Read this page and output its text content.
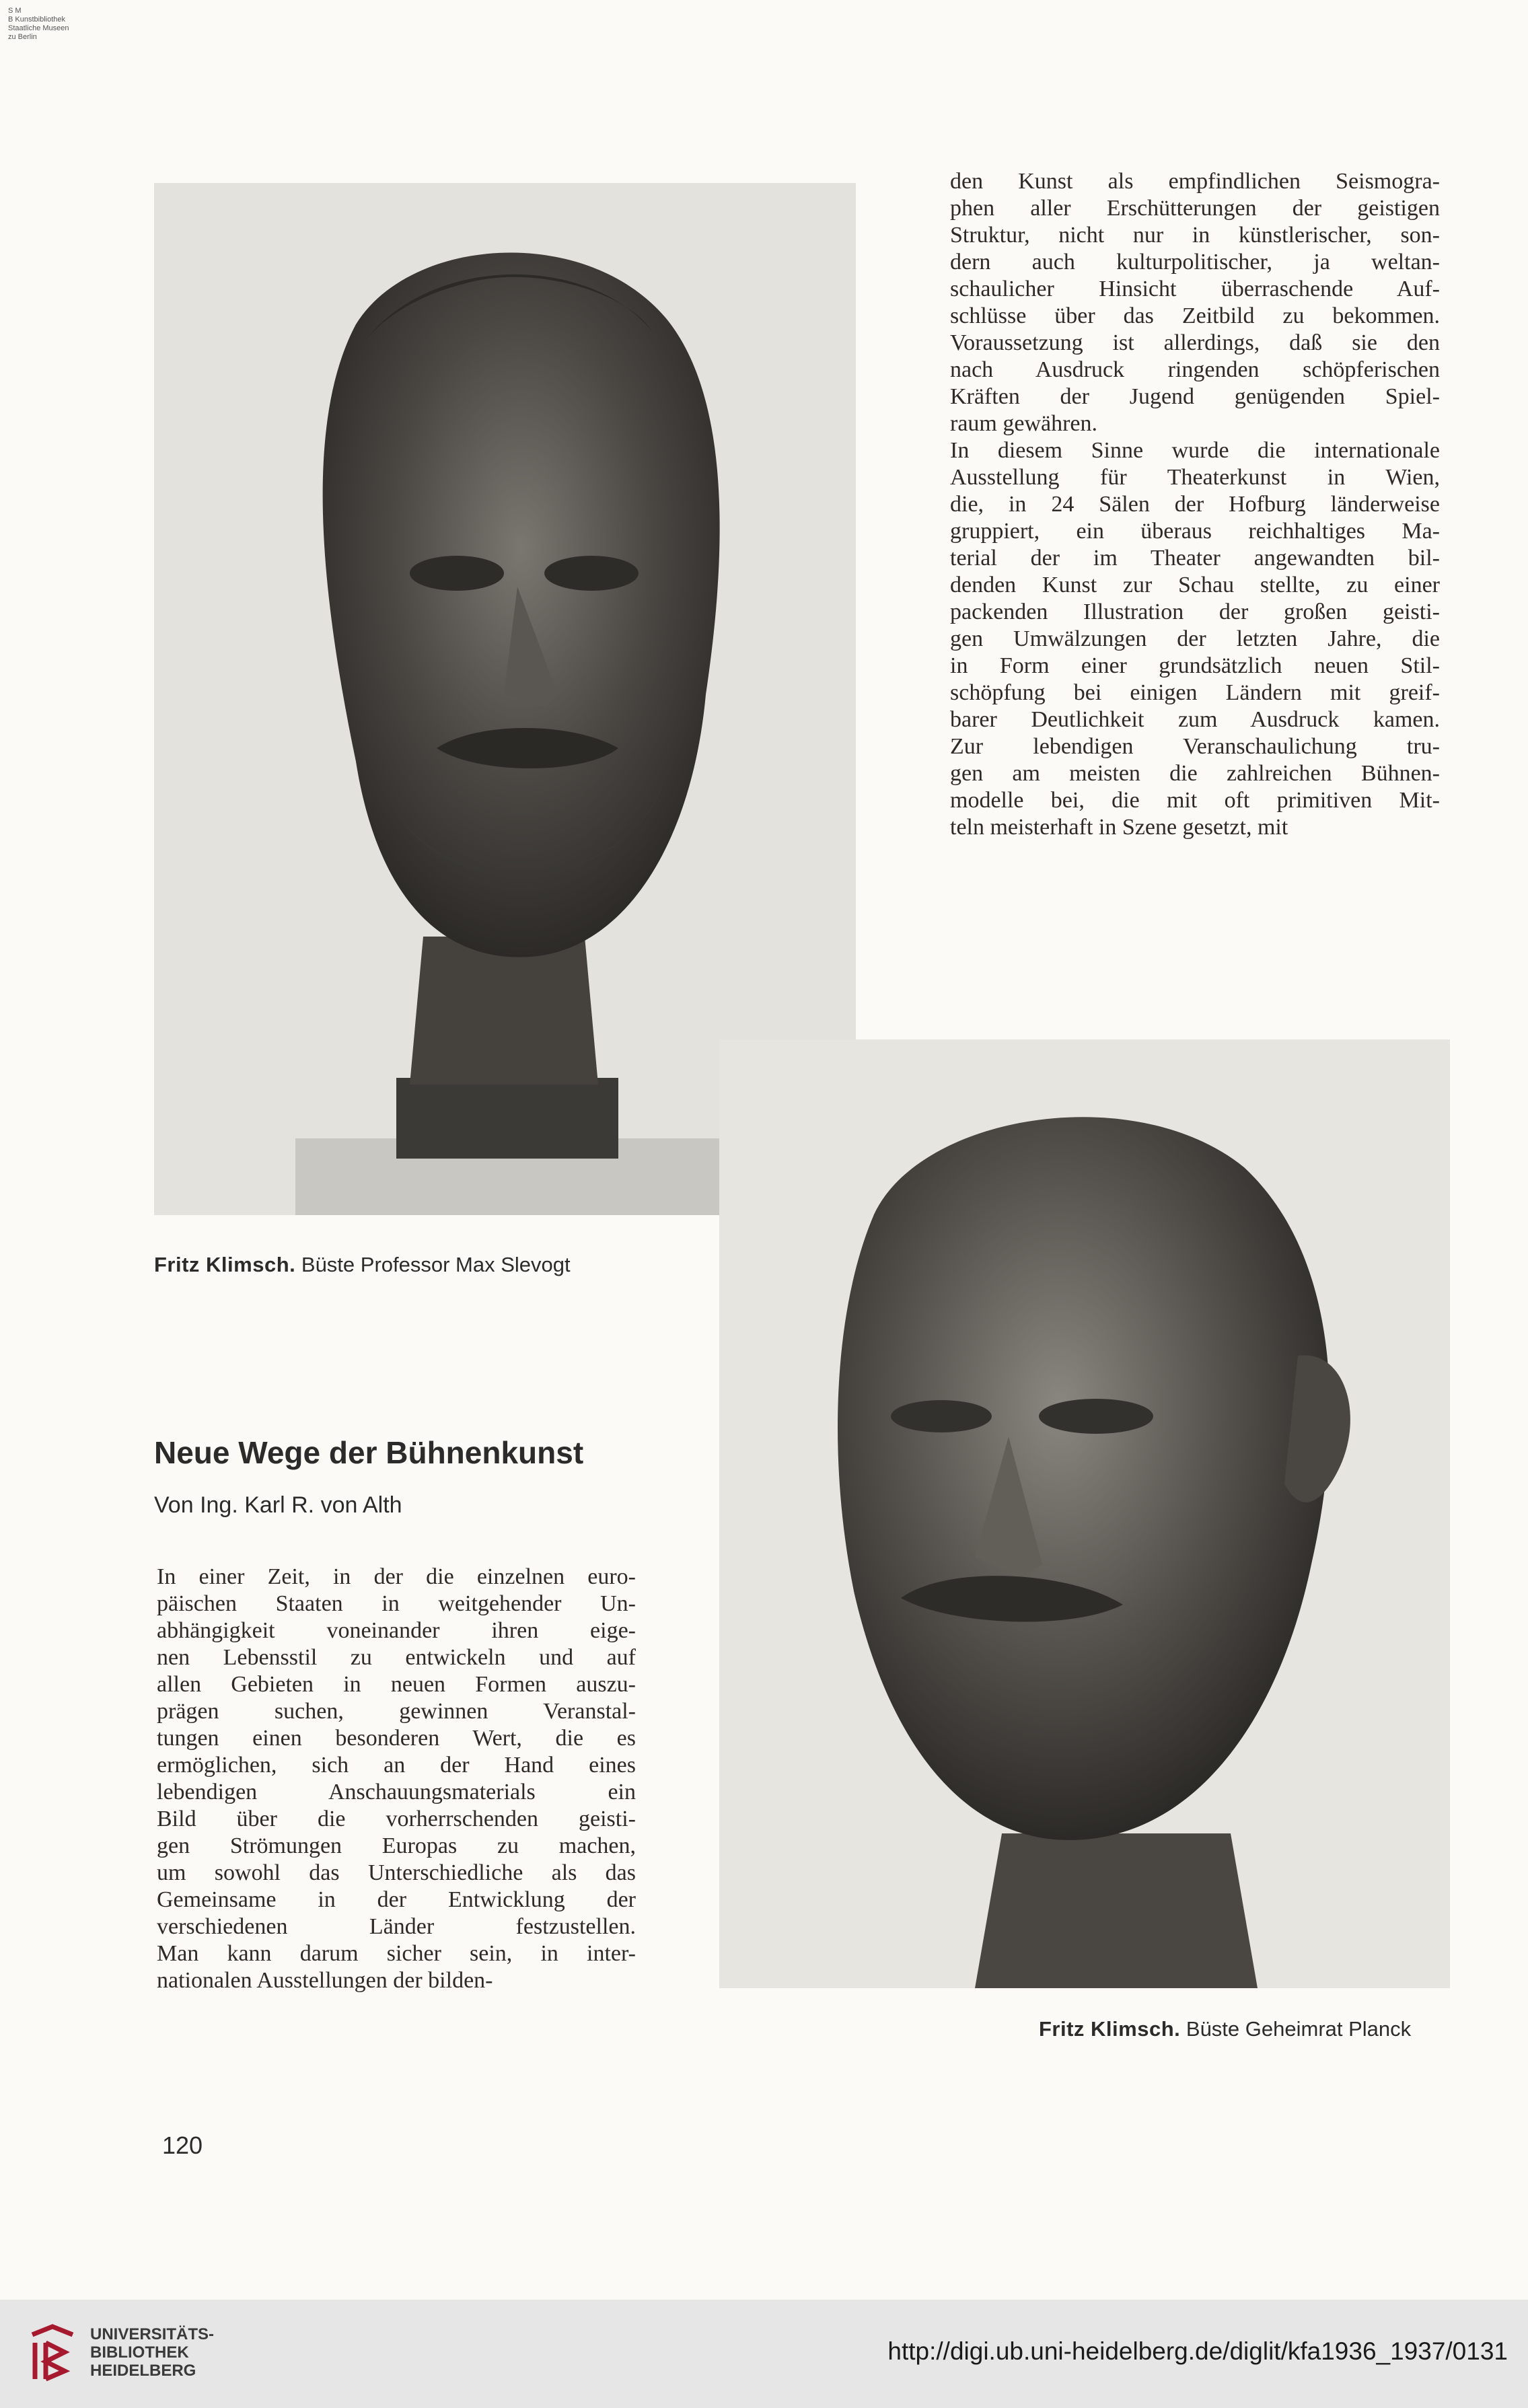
S M
B Kunstbibliothek
Staatliche Museen
zu Berlin
Fritz Klimsch. Büste Professor Max Slevogt
den Kunst als empfindlichen Seismogra-
phen aller Erschütterungen der geistigen
Struktur, nicht nur in künstlerischer, son-
dern auch kulturpolitischer, ja weltan-
schaulicher Hinsicht überraschende Auf-
schlüsse über das Zeitbild zu bekommen.
Voraussetzung ist allerdings, daß sie den
nach Ausdruck ringenden schöpferischen
Kräften der Jugend genügenden Spiel-
raum gewähren.
In diesem Sinne wurde die internationale
Ausstellung für Theaterkunst in Wien,
die, in 24 Sälen der Hofburg länderweise
gruppiert, ein überaus reichhaltiges Ma-
terial der im Theater angewandten bil-
denden Kunst zur Schau stellte, zu einer
packenden Illustration der großen geisti-
gen Umwälzungen der letzten Jahre, die
in Form einer grundsätzlich neuen Stil-
schöpfung bei einigen Ländern mit greif-
barer Deutlichkeit zum Ausdruck kamen.
Zur lebendigen Veranschaulichung tru-
gen am meisten die zahlreichen Bühnen-
modelle bei, die mit oft primitiven Mit-
teln meisterhaft in Szene gesetzt, mit
Fritz Klimsch. Büste Geheimrat Planck
Neue Wege der Bühnenkunst
Von Ing. Karl R. von Alth
In einer Zeit, in der die einzelnen euro-
päischen Staaten in weitgehender Un-
abhängigkeit voneinander ihren eige-
nen Lebensstil zu entwickeln und auf
allen Gebieten in neuen Formen auszu-
prägen suchen, gewinnen Veranstal-
tungen einen besonderen Wert, die es
ermöglichen, sich an der Hand eines
lebendigen Anschauungsmaterials ein
Bild über die vorherrschenden geisti-
gen Strömungen Europas zu machen,
um sowohl das Unterschiedliche als das
Gemeinsame in der Entwicklung der
verschiedenen Länder festzustellen.
Man kann darum sicher sein, in inter-
nationalen Ausstellungen der bilden-
120
UNIVERSITÄTS-
BIBLIOTHEK
HEIDELBERG
http://digi.ub.uni-heidelberg.de/diglit/kfa1936_1937/0131
